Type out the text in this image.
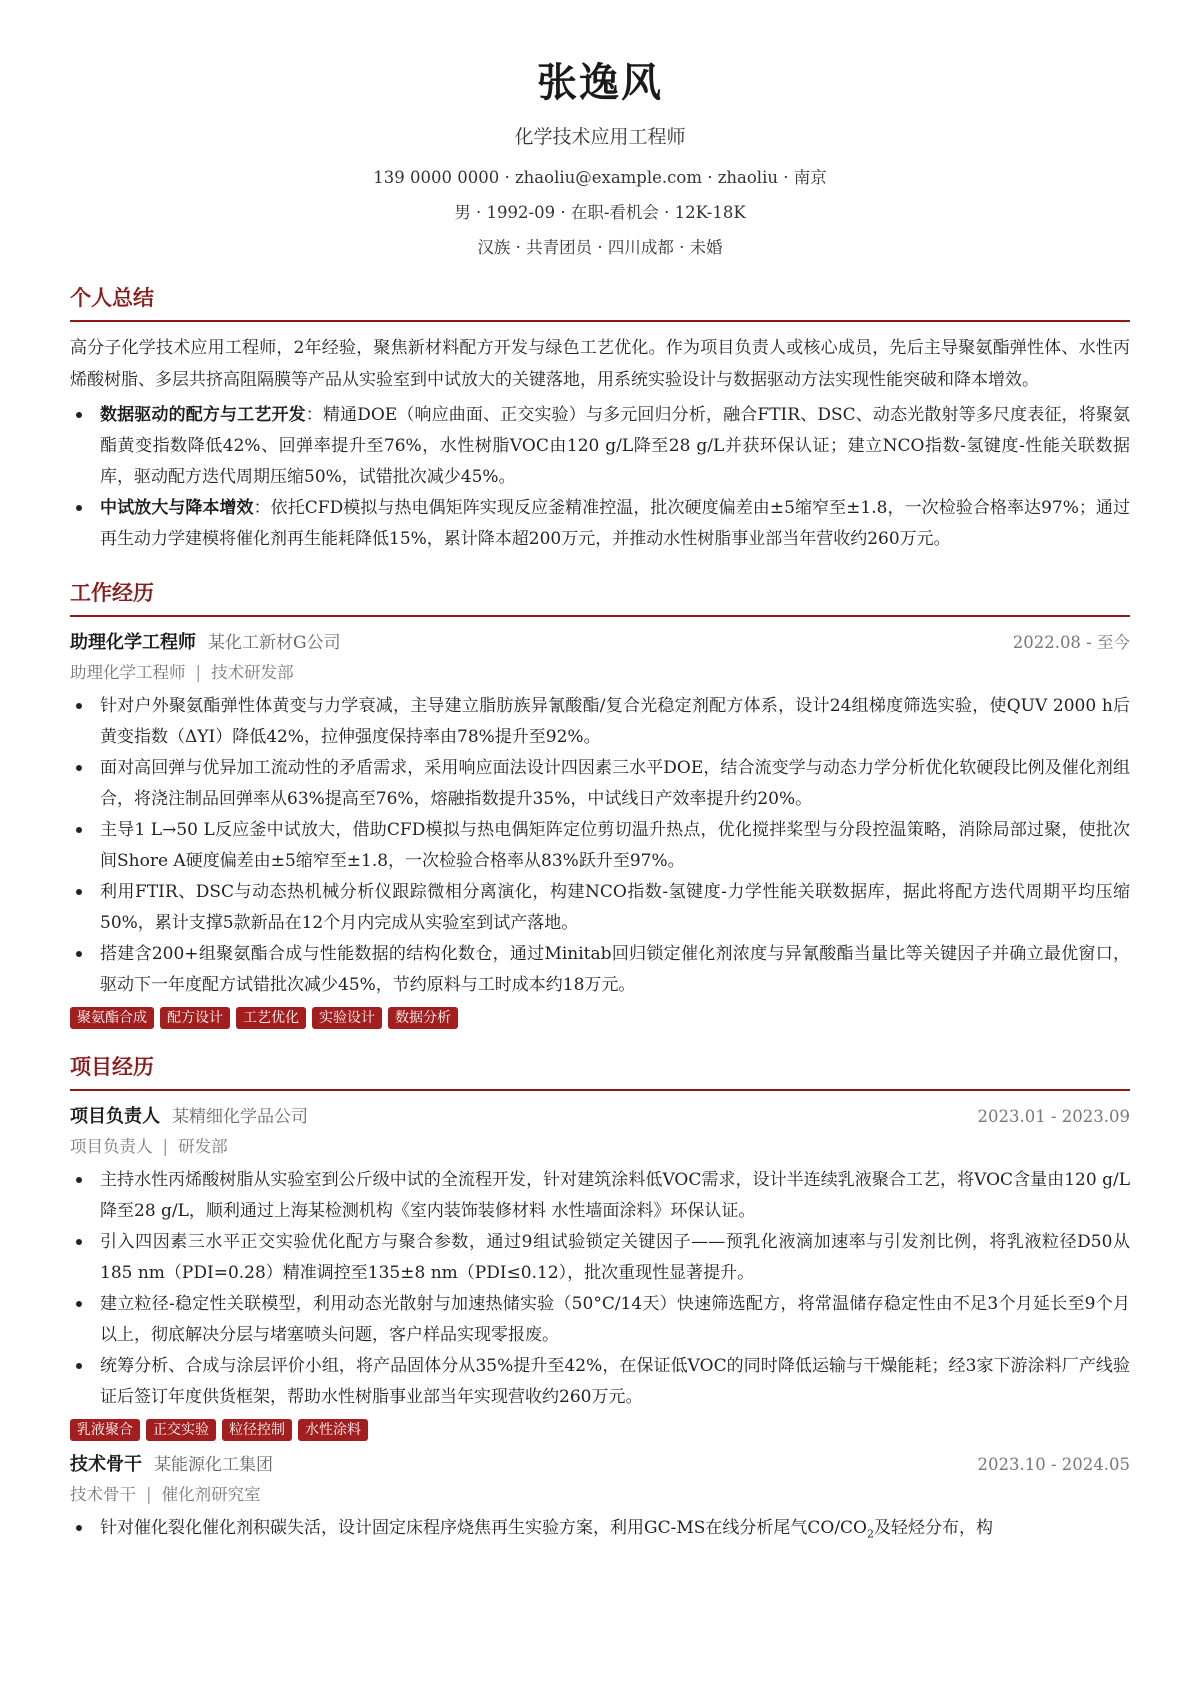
张逸风
化学技术应用工程师
139 0000 0000 · zhaoliu@example.com · zhaoliu · 南京
男 · 1992-09 · 在职-看机会 · 12K-18K
汉族 · 共青团员 · 四川成都 · 未婚
个人总结
高分子化学技术应用工程师，2年经验，聚焦新材料配方开发与绿色工艺优化。作为项目负责人或核心成员，先后主导聚氨酯弹性体、水性丙烯酸树脂、多层共挤高阻隔膜等产品从实验室到中试放大的关键落地，用系统实验设计与数据驱动方法实现性能突破和降本增效。
数据驱动的配方与工艺开发：精通DOE（响应曲面、正交实验）与多元回归分析，融合FTIR、DSC、动态光散射等多尺度表征，将聚氨酯黄变指数降低42%、回弹率提升至76%，水性树脂VOC由120 g/L降至28 g/L并获环保认证；建立NCO指数-氢键度-性能关联数据库，驱动配方迭代周期压缩50%，试错批次减少45%。
中试放大与降本增效：依托CFD模拟与热电偶矩阵实现反应釜精准控温，批次硬度偏差由±5缩窄至±1.8，一次检验合格率达97%；通过再生动力学建模将催化剂再生能耗降低15%，累计降本超200万元，并推动水性树脂事业部当年营收约260万元。
工作经历
助理化学工程师 某化工新材G公司	2022.08 - 至今
助理化学工程师 | 技术研发部
针对户外聚氨酯弹性体黄变与力学衰减，主导建立脂肪族异氰酸酯/复合光稳定剂配方体系，设计24组梯度筛选实验，使QUV 2000 h后黄变指数（ΔYI）降低42%，拉伸强度保持率由78%提升至92%。
面对高回弹与优异加工流动性的矛盾需求，采用响应面法设计四因素三水平DOE，结合流变学与动态力学分析优化软硬段比例及催化剂组合，将浇注制品回弹率从63%提高至76%，熔融指数提升35%，中试线日产效率提升约20%。
主导1 L→50 L反应釜中试放大，借助CFD模拟与热电偶矩阵定位剪切温升热点，优化搅拌桨型与分段控温策略，消除局部过聚，使批次间Shore A硬度偏差由±5缩窄至±1.8，一次检验合格率从83%跃升至97%。
利用FTIR、DSC与动态热机械分析仪跟踪微相分离演化，构建NCO指数-氢键度-力学性能关联数据库，据此将配方迭代周期平均压缩50%，累计支撑5款新品在12个月内完成从实验室到试产落地。
搭建含200+组聚氨酯合成与性能数据的结构化数仓，通过Minitab回归锁定催化剂浓度与异氰酸酯当量比等关键因子并确立最优窗口，驱动下一年度配方试错批次减少45%，节约原料与工时成本约18万元。
聚氨酯合成	配方设计	工艺优化	实验设计	数据分析
项目经历
项目负责人 某精细化学品公司	2023.01 - 2023.09
项目负责人 | 研发部
主持水性丙烯酸树脂从实验室到公斤级中试的全流程开发，针对建筑涂料低VOC需求，设计半连续乳液聚合工艺，将VOC含量由120 g/L降至28 g/L，顺利通过上海某检测机构《室内装饰装修材料 水性墙面涂料》环保认证。
引入四因素三水平正交实验优化配方与聚合参数，通过9组试验锁定关键因子——预乳化液滴加速率与引发剂比例，将乳液粒径D50从185 nm（PDI=0.28）精准调控至135±8 nm（PDI≤0.12），批次重现性显著提升。
建立粒径-稳定性关联模型，利用动态光散射与加速热储实验（50°C/14天）快速筛选配方，将常温储存稳定性由不足3个月延长至9个月以上，彻底解决分层与堵塞喷头问题，客户样品实现零报废。
统筹分析、合成与涂层评价小组，将产品固体分从35%提升至42%，在保证低VOC的同时降低运输与干燥能耗；经3家下游涂料厂产线验证后签订年度供货框架，帮助水性树脂事业部当年实现营收约260万元。
乳液聚合	正交实验	粒径控制	水性涂料
技术骨干 某能源化工集团	2023.10 - 2024.05
技术骨干 | 催化剂研究室
针对催化裂化催化剂积碳失活，设计固定床程序烧焦再生实验方案，利用GC-MS在线分析尾气$CO/CO_2$及轻烃分布，构
